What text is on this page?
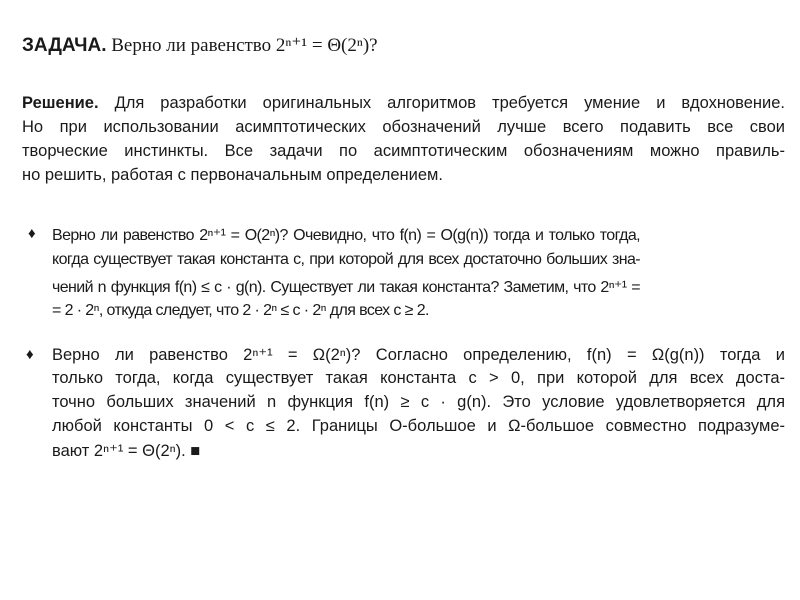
ЗАДАЧА. Верно ли равенство 2ⁿ⁺¹ = Θ(2ⁿ)?
Решение. Для разработки оригинальных алгоритмов требуется умение и вдохновение.
Но при использовании асимптотических обозначений лучше всего подавить все свои
творческие инстинкты. Все задачи по асимптотическим обозначениям можно правиль-
но решить, работая с первоначальным определением.
♦ Верно ли равенство 2ⁿ⁺¹ = O(2ⁿ)? Очевидно, что f(n) = O(g(n)) тогда и только тогда,
когда существует такая константа c, при которой для всех достаточно больших зна-
чений n функция f(n) ≤ c · g(n). Существует ли такая константа? Заметим, что 2ⁿ⁺¹ =
= 2 · 2ⁿ, откуда следует, что 2 · 2ⁿ ≤ c · 2ⁿ для всех c ≥ 2.
♦ Верно ли равенство 2ⁿ⁺¹ = Ω(2ⁿ)? Согласно определению, f(n) = Ω(g(n)) тогда и
только тогда, когда существует такая константа c > 0, при которой для всех доста-
точно больших значений n функция f(n) ≥ c · g(n). Это условие удовлетворяется для
любой константы 0 < c ≤ 2. Границы O-большое и Ω-большое совместно подразуме-
вают 2ⁿ⁺¹ = Θ(2ⁿ). ■
